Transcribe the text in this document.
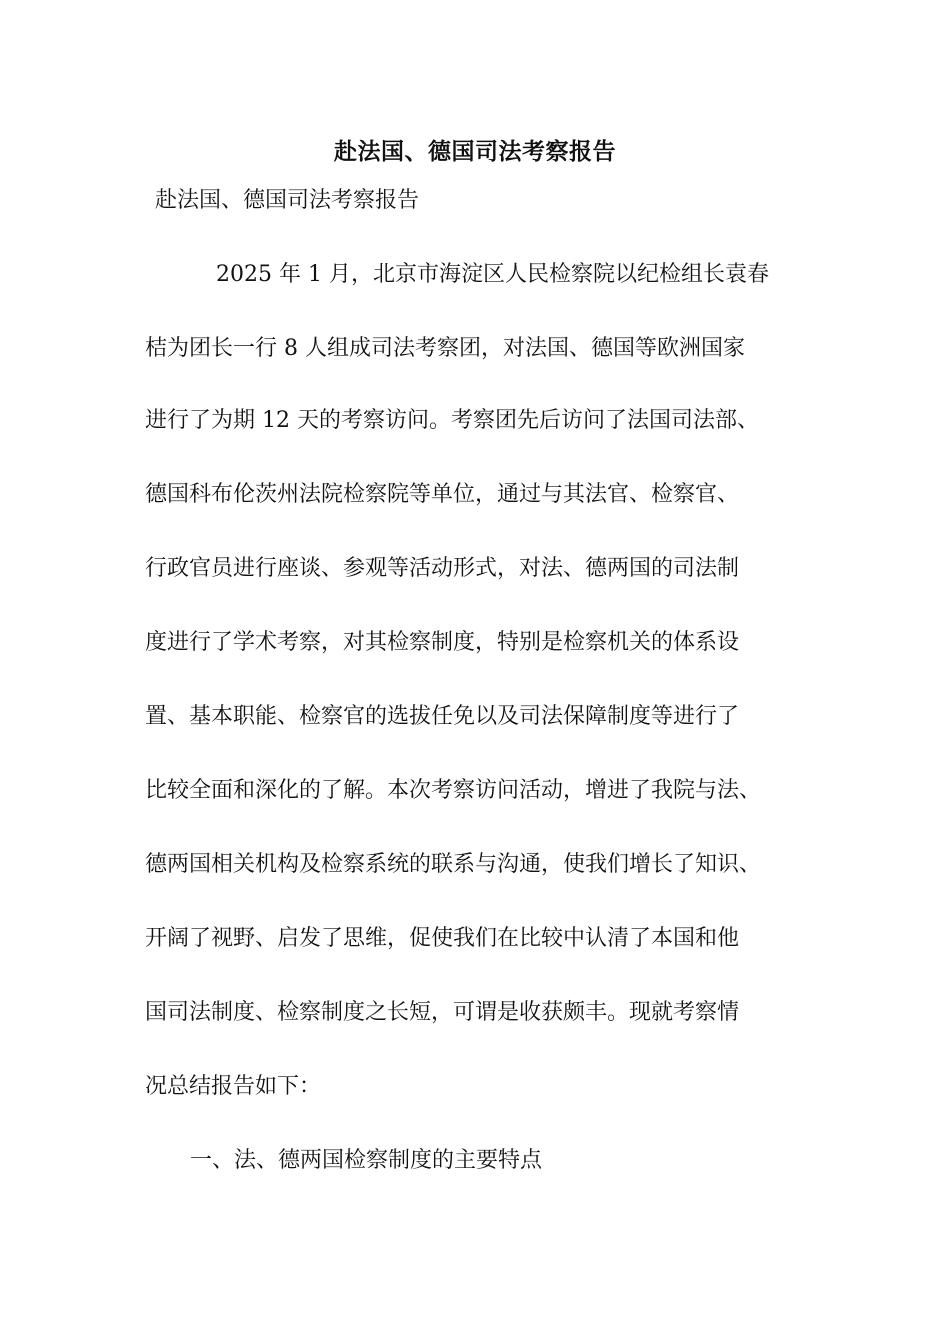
赴法国、德国司法考察报告
赴法国、德国司法考察报告
2025 年 1 月，北京市海淀区人民检察院以纪检组长袁春
桔为团长一行 8 人组成司法考察团，对法国、德国等欧洲国家
进行了为期 12 天的考察访问。考察团先后访问了法国司法部、
德国科布伦茨州法院检察院等单位，通过与其法官、检察官、
行政官员进行座谈、参观等活动形式，对法、德两国的司法制
度进行了学术考察，对其检察制度，特别是检察机关的体系设
置、基本职能、检察官的选拔任免以及司法保障制度等进行了
比较全面和深化的了解。本次考察访问活动，增进了我院与法、
德两国相关机构及检察系统的联系与沟通，使我们增长了知识、
开阔了视野、启发了思维，促使我们在比较中认清了本国和他
国司法制度、检察制度之长短，可谓是收获颇丰。现就考察情
况总结报告如下：
一、法、德两国检察制度的主要特点
